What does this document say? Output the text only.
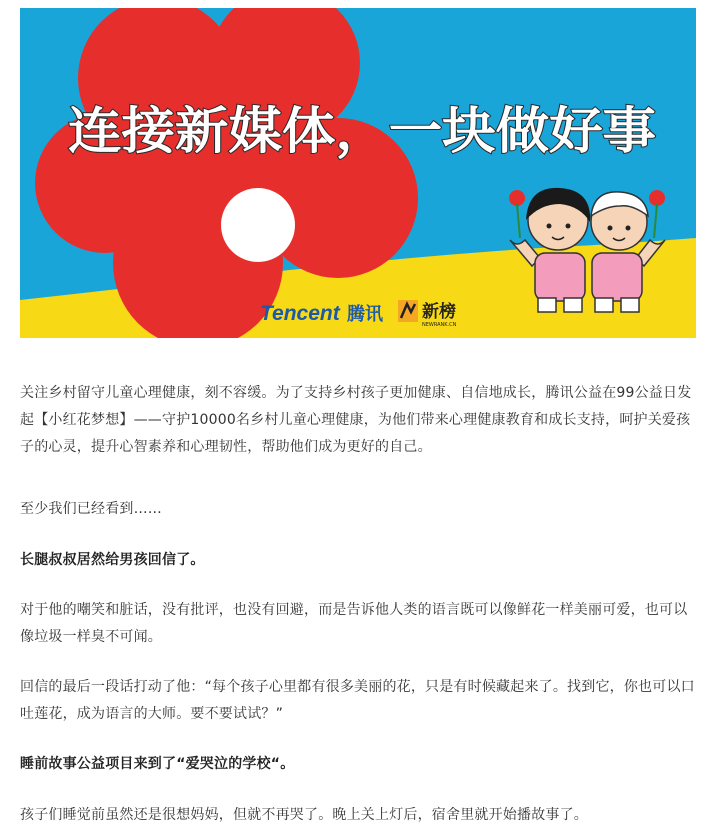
连接新媒体，一块做好事
Tencent 腾讯 新榜
NEWRANK.CN

关注乡村留守儿童心理健康，刻不容缓。为了支持乡村孩子更加健康、自信地成长，腾讯公益在99公益日发起【小红花梦想】——守护10000名乡村儿童心理健康，为他们带来心理健康教育和成长支持，呵护关爱孩子的心灵，提升心智素养和心理韧性，帮助他们成为更好的自己。

至少我们已经看到……

长腿叔叔居然给男孩回信了。

对于他的嘲笑和脏话，没有批评，也没有回避，而是告诉他人类的语言既可以像鲜花一样美丽可爱，也可以像垃圾一样臭不可闻。

回信的最后一段话打动了他：“每个孩子心里都有很多美丽的花，只是有时候藏起来了。找到它，你也可以口吐莲花，成为语言的大师。要不要试试？”

睡前故事公益项目来到了“爱哭泣的学校“。

孩子们睡觉前虽然还是很想妈妈，但就不再哭了。晚上关上灯后，宿舍里就开始播故事了。
